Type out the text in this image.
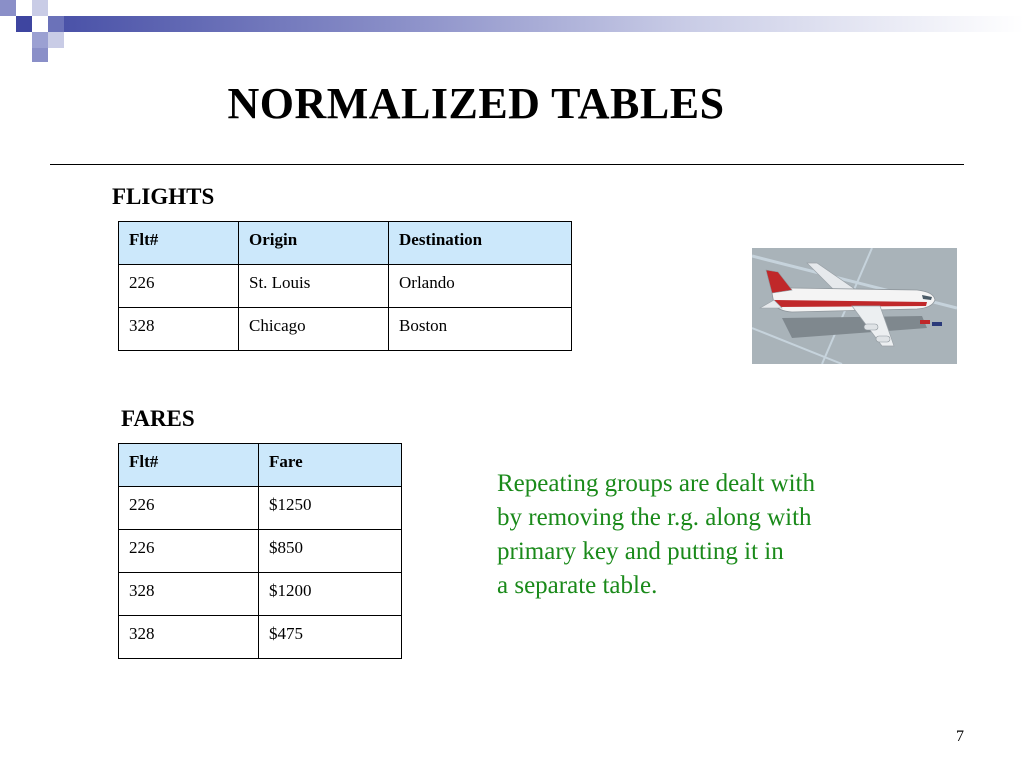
NORMALIZED TABLES
FLIGHTS
Flt#	Origin	Destination
226	St. Louis	Orlando
328	Chicago	Boston
FARES
Flt#	Fare
226	$1250
226	$850
328	$1200
328	$475
Repeating groups are dealt with
by removing the r.g. along with
primary key and putting it in
a separate table.
7
